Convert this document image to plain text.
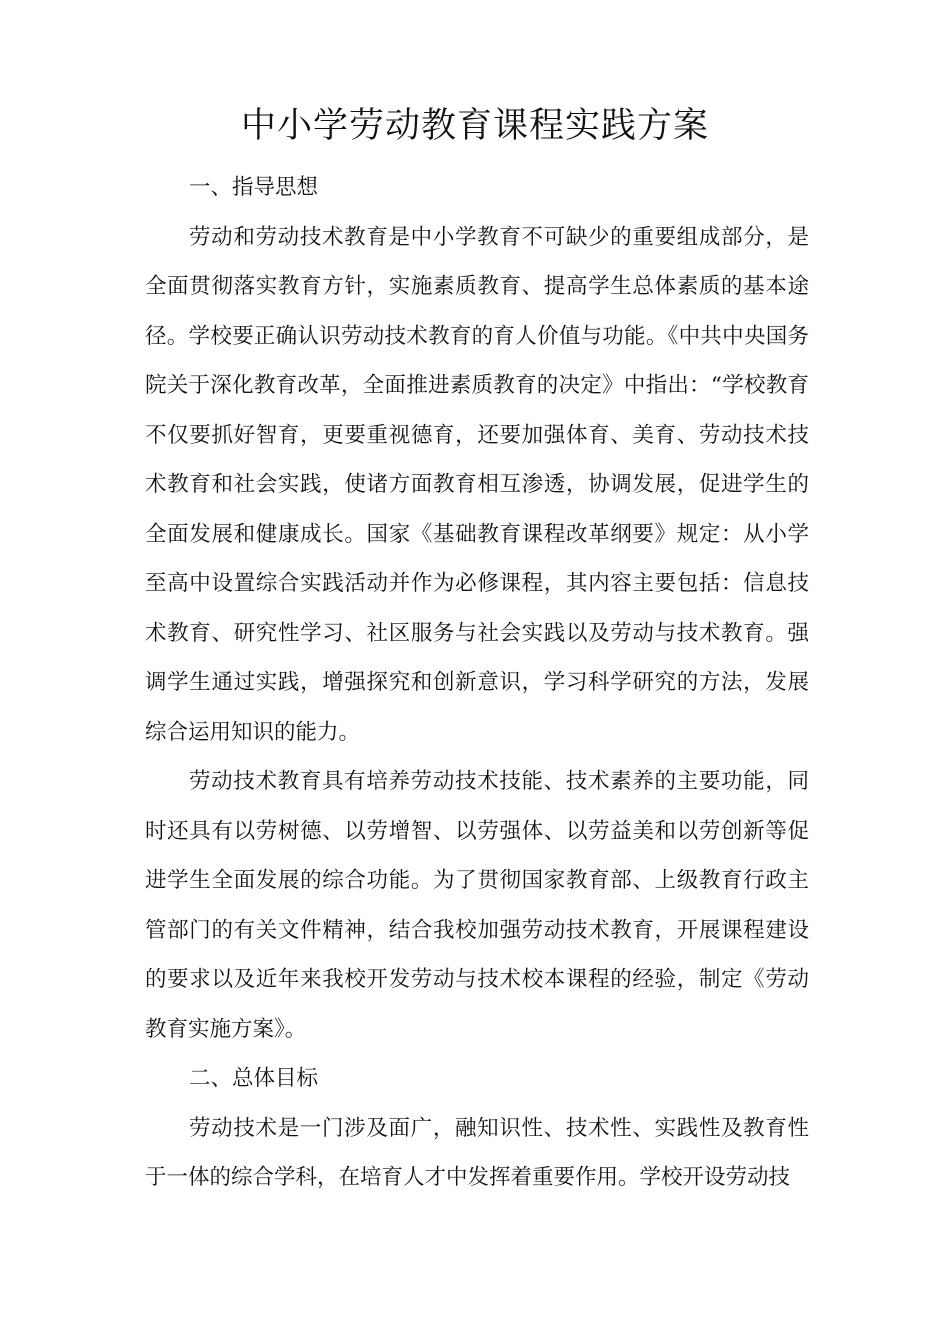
中小学劳动教育课程实践方案

一、指导思想

劳动和劳动技术教育是中小学教育不可缺少的重要组成部分，是全面贯彻落实教育方针，实施素质教育、提高学生总体素质的基本途径。学校要正确认识劳动技术教育的育人价值与功能。《中共中央国务院关于深化教育改革，全面推进素质教育的决定》中指出：“学校教育不仅要抓好智育，更要重视德育，还要加强体育、美育、劳动技术技术教育和社会实践，使诸方面教育相互渗透，协调发展，促进学生的全面发展和健康成长。国家《基础教育课程改革纲要》规定：从小学至高中设置综合实践活动并作为必修课程，其内容主要包括：信息技术教育、研究性学习、社区服务与社会实践以及劳动与技术教育。强调学生通过实践，增强探究和创新意识，学习科学研究的方法，发展综合运用知识的能力。

劳动技术教育具有培养劳动技术技能、技术素养的主要功能，同时还具有以劳树德、以劳增智、以劳强体、以劳益美和以劳创新等促进学生全面发展的综合功能。为了贯彻国家教育部、上级教育行政主管部门的有关文件精神，结合我校加强劳动技术教育，开展课程建设的要求以及近年来我校开发劳动与技术校本课程的经验，制定《劳动教育实施方案》。

二、总体目标

劳动技术是一门涉及面广，融知识性、技术性、实践性及教育性于一体的综合学科，在培育人才中发挥着重要作用。学校开设劳动技
